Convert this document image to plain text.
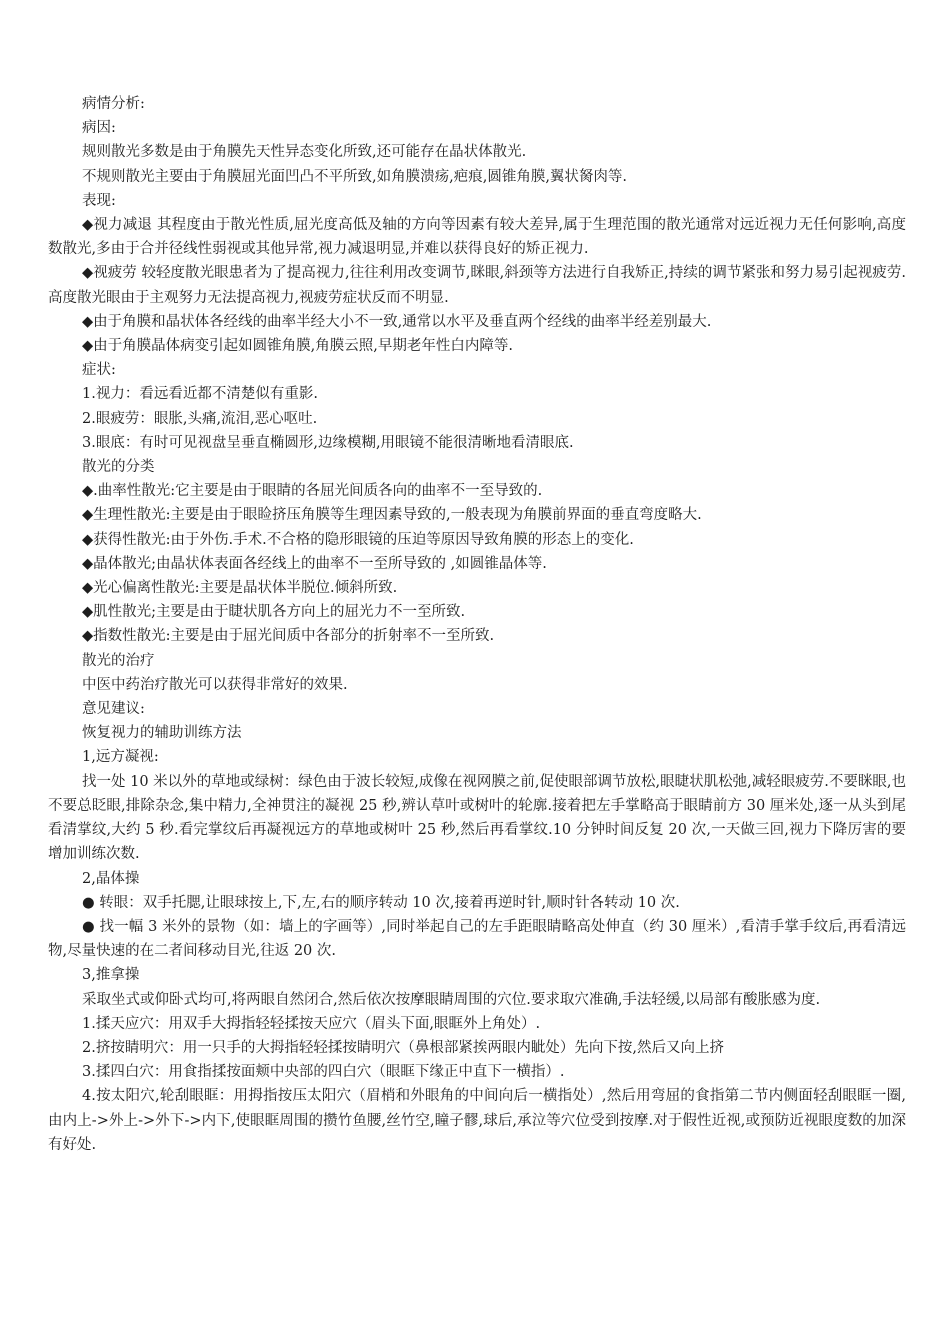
病情分析:

病因:

规则散光多数是由于角膜先天性异态变化所致,还可能存在晶状体散光.

不规则散光主要由于角膜屈光面凹凸不平所致,如角膜溃疡,疤痕,圆锥角膜,翼状胬肉等.

表现:

◆视力减退 其程度由于散光性质,屈光度高低及轴的方向等因素有较大差异,属于生理范围的散光通常对远近视力无任何影响,高度数散光,多由于合并径线性弱视或其他异常,视力减退明显,并难以获得良好的矫正视力.

◆视疲劳 较轻度散光眼患者为了提高视力,往往利用改变调节,眯眼,斜颈等方法进行自我矫正,持续的调节紧张和努力易引起视疲劳.高度散光眼由于主观努力无法提高视力,视疲劳症状反而不明显.

◆由于角膜和晶状体各经线的曲率半经大小不一致,通常以水平及垂直两个经线的曲率半经差别最大.

◆由于角膜晶体病变引起如圆锥角膜,角膜云照,早期老年性白内障等.

症状:

1.视力：看远看近都不清楚似有重影.

2.眼疲劳：眼胀,头痛,流泪,恶心呕吐.

3.眼底：有时可见视盘呈垂直椭圆形,边缘模糊,用眼镜不能很清晰地看清眼底.

散光的分类

◆.曲率性散光:它主要是由于眼睛的各屈光间质各向的曲率不一至导致的.

◆生理性散光:主要是由于眼睑挤压角膜等生理因素导致的,一般表现为角膜前界面的垂直弯度略大.

◆获得性散光:由于外伤.手术.不合格的隐形眼镜的压迫等原因导致角膜的形态上的变化.

◆晶体散光;由晶状体表面各经线上的曲率不一至所导致的 ,如圆锥晶体等.

◆光心偏离性散光:主要是晶状体半脱位.倾斜所致.

◆肌性散光;主要是由于睫状肌各方向上的屈光力不一至所致.

◆指数性散光:主要是由于屈光间质中各部分的折射率不一至所致.

散光的治疗

中医中药治疗散光可以获得非常好的效果.

意见建议:

恢复视力的辅助训练方法

1,远方凝视:

找一处 10 米以外的草地或绿树：绿色由于波长较短,成像在视网膜之前,促使眼部调节放松,眼睫状肌松弛,减轻眼疲劳.不要眯眼,也不要总眨眼,排除杂念,集中精力,全神贯注的凝视 25 秒,辨认草叶或树叶的轮廓.接着把左手掌略高于眼睛前方 30 厘米处,逐一从头到尾看清掌纹,大约 5 秒.看完掌纹后再凝视远方的草地或树叶 25 秒,然后再看掌纹.10 分钟时间反复 20 次,一天做三回,视力下降厉害的要增加训练次数.

2,晶体操

● 转眼：双手托腮,让眼球按上,下,左,右的顺序转动 10 次,接着再逆时针,顺时针各转动 10 次.

● 找一幅 3 米外的景物（如：墙上的字画等）,同时举起自己的左手距眼睛略高处伸直（约 30 厘米）,看清手掌手纹后,再看清远物,尽量快速的在二者间移动目光,往返 20 次.

3,推拿操

采取坐式或仰卧式均可,将两眼自然闭合,然后依次按摩眼睛周围的穴位.要求取穴准确,手法轻缓,以局部有酸胀感为度.

1.揉天应穴：用双手大拇指轻轻揉按天应穴（眉头下面,眼眶外上角处）.

2.挤按睛明穴：用一只手的大拇指轻轻揉按睛明穴（鼻根部紧挨两眼内眦处）先向下按,然后又向上挤

3.揉四白穴：用食指揉按面颊中央部的四白穴（眼眶下缘正中直下一横指）.

4.按太阳穴,轮刮眼眶：用拇指按压太阳穴（眉梢和外眼角的中间向后一横指处）,然后用弯屈的食指第二节内侧面轻刮眼眶一圈,由内上->外上->外下->内下,使眼眶周围的攒竹鱼腰,丝竹空,瞳子髎,球后,承泣等穴位受到按摩.对于假性近视,或预防近视眼度数的加深有好处.
